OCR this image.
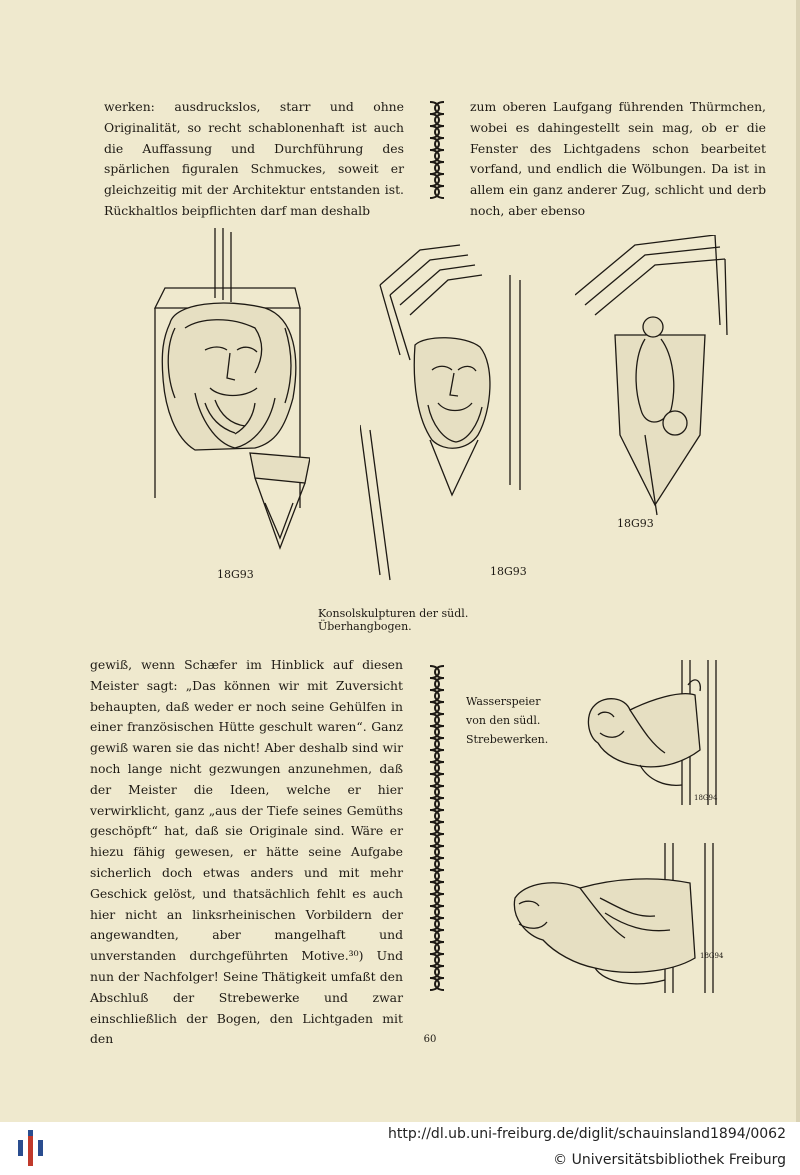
werken: ausdruckslos, starr und ohne Originalität, so recht schablonenhaft ist auch die Auffassung und Durchführung des spärlichen figuralen Schmuckes, soweit er gleichzeitig mit der Architektur entstanden ist. Rückhaltlos beipflichten darf man deshalb

zum oberen Laufgang führenden Thürmchen, wobei es dahingestellt sein mag, ob er die Fenster des Lichtgadens schon bearbeitet vorfand, und endlich die Wölbungen. Da ist in allem ein ganz anderer Zug, schlicht und derb noch, aber ebenso

18G93	18G93
18G93
Konsolskulpturen der südl. Überhangbogen.

gewiß, wenn Schæfer im Hinblick auf diesen Meister sagt: „Das können wir mit Zuversicht behaupten, daß weder er noch seine Gehülfen in einer französischen Hütte geschult waren“. Ganz gewiß waren sie das nicht! Aber deshalb sind wir noch lange nicht gezwungen anzunehmen, daß der Meister die Ideen, welche er hier verwirklicht, ganz „aus der Tiefe seines Gemüths geschöpft“ hat, daß sie Originale sind. Wäre er hiezu fähig gewesen, er hätte seine Aufgabe sicherlich doch etwas anders und mit mehr Geschick gelöst, und thatsächlich fehlt es auch hier nicht an linksrheinischen Vorbildern der angewandten, aber mangelhaft und unverstanden durchgeführten Motive.³⁰) Und nun der Nachfolger! Seine Thätigkeit umfaßt den Abschluß der Strebewerke und zwar einschließlich der Bogen, den Lichtgaden mit den

Wasserspeier
von den südl.
Strebewerken.
18G94
18G94
60
http://dl.ub.uni-freiburg.de/diglit/schauinsland1894/0062
© Universitätsbibliothek Freiburg
